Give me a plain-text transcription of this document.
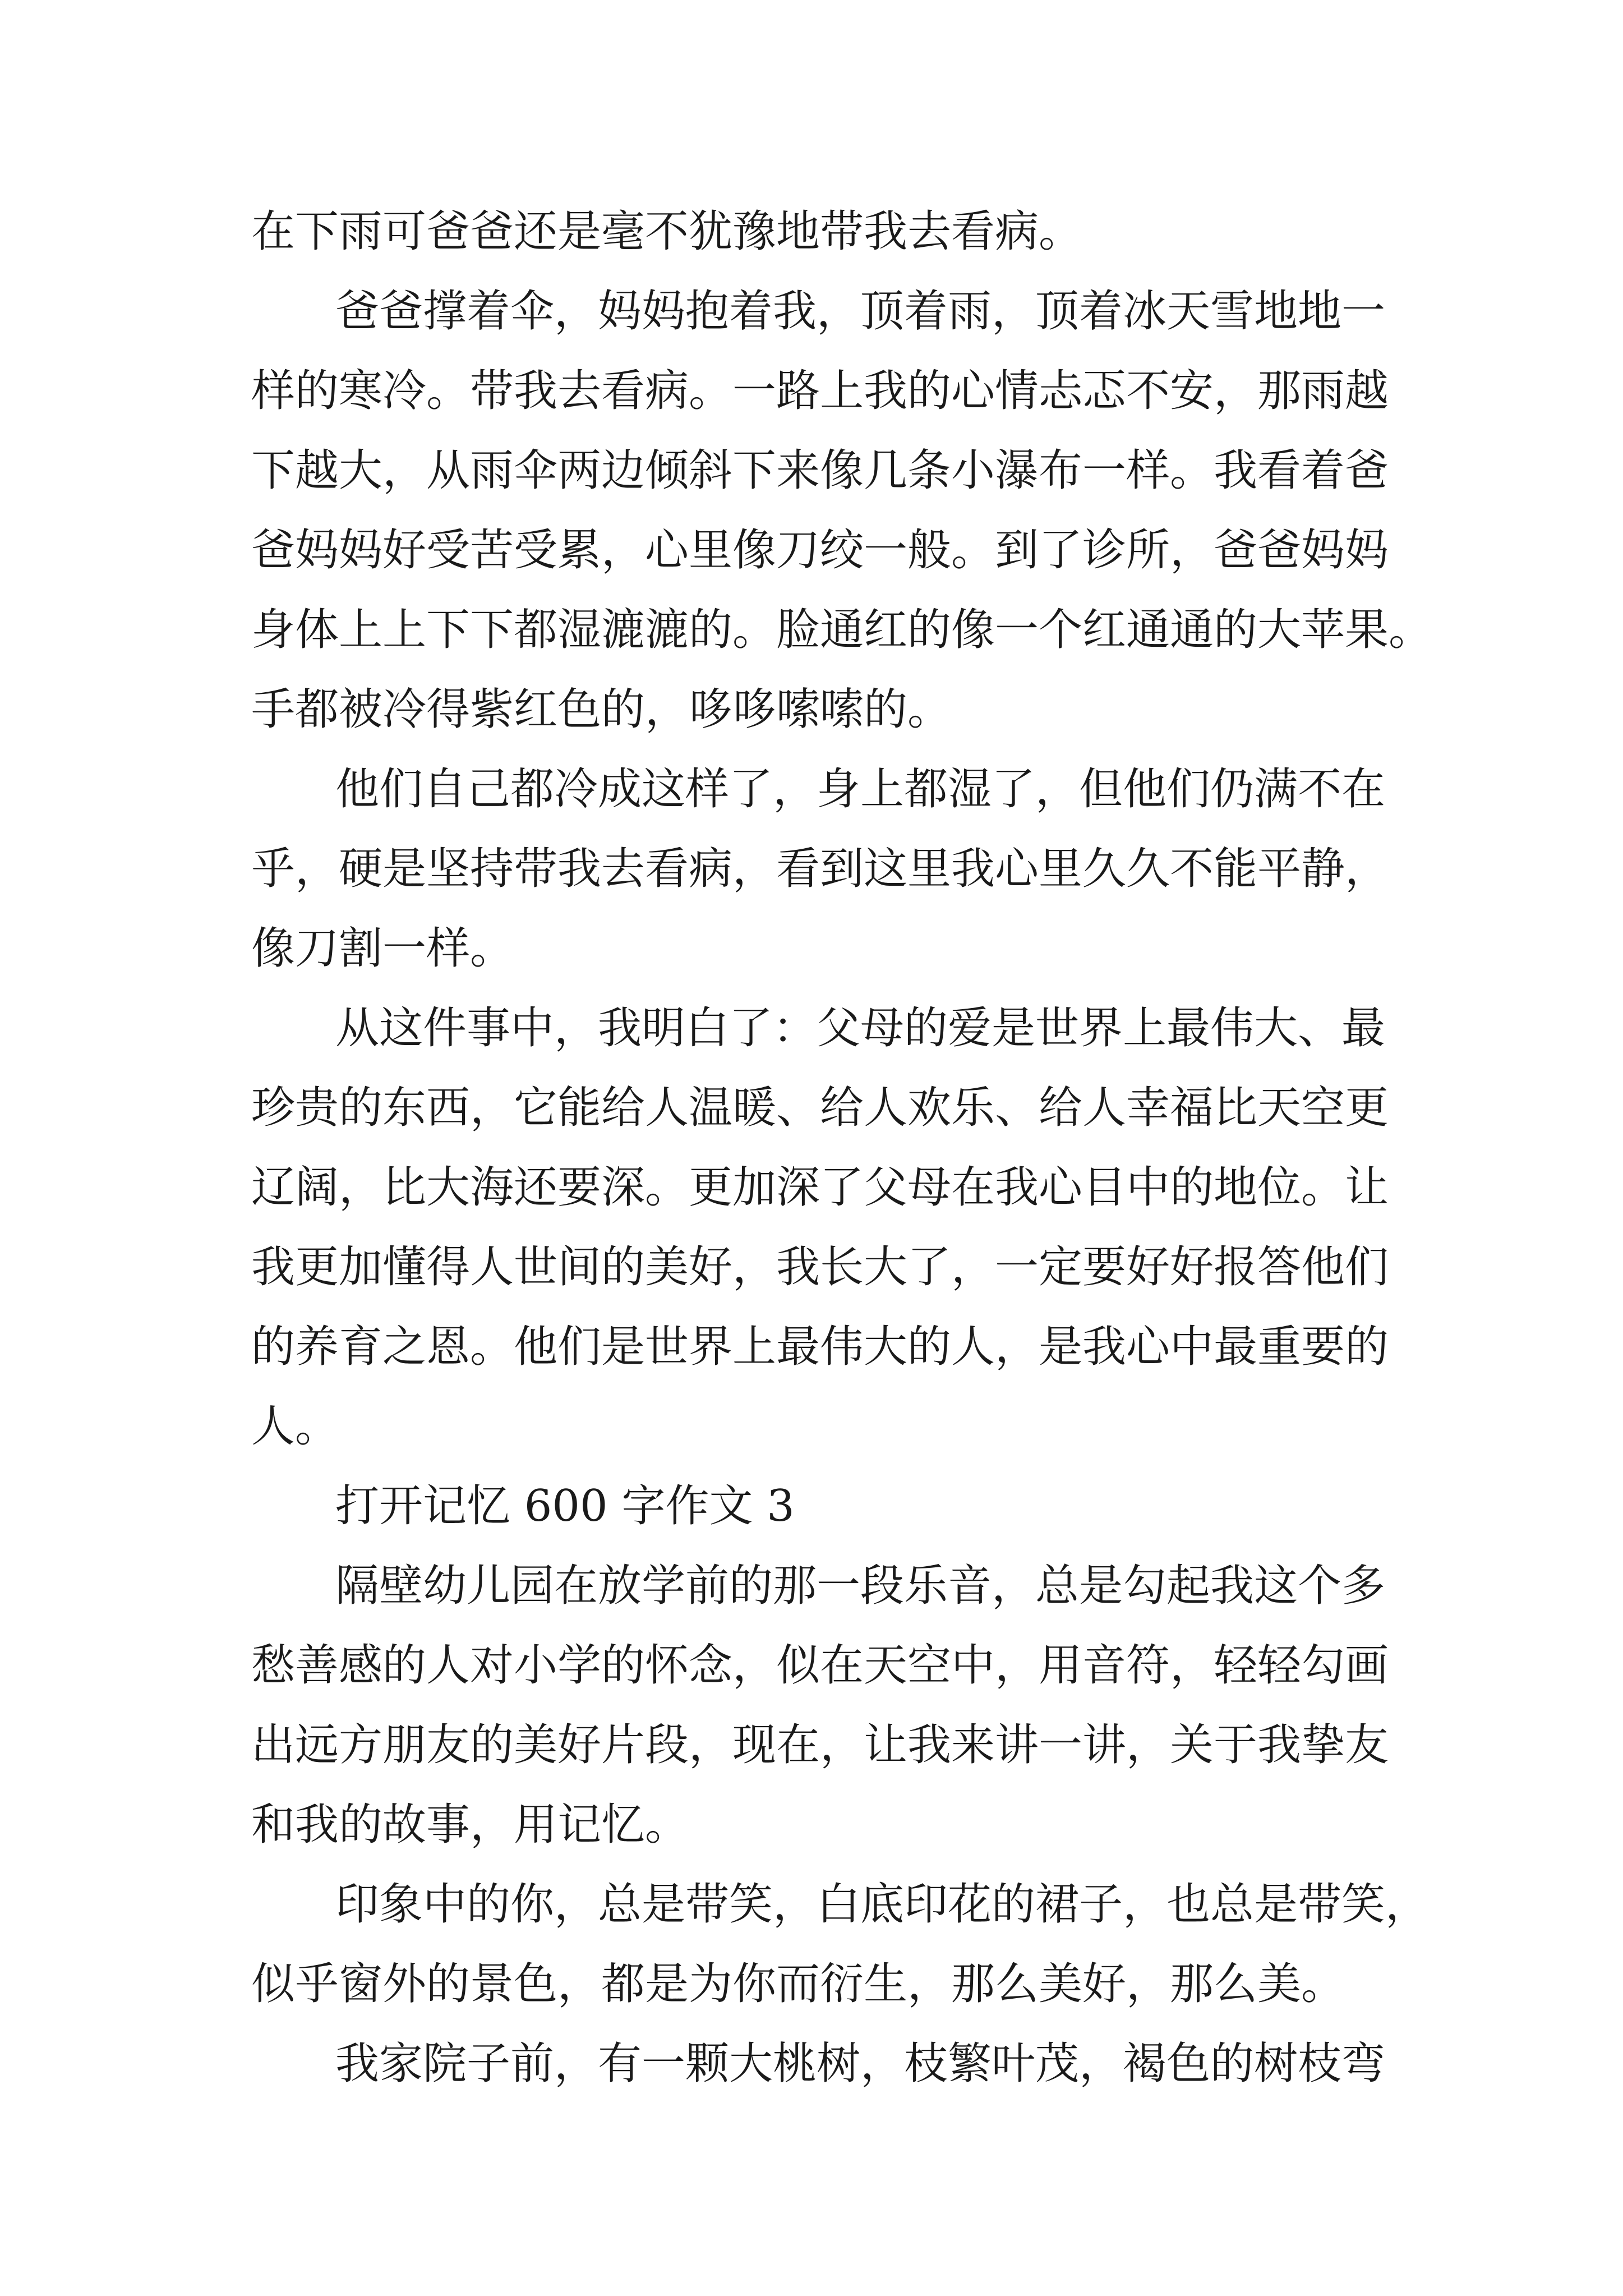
在下雨可爸爸还是毫不犹豫地带我去看病。
爸爸撑着伞，妈妈抱着我，顶着雨，顶着冰天雪地地一
样的寒冷。带我去看病。一路上我的心情忐忑不安，那雨越
下越大，从雨伞两边倾斜下来像几条小瀑布一样。我看着爸
爸妈妈好受苦受累，心里像刀绞一般。到了诊所，爸爸妈妈
身体上上下下都湿漉漉的。脸通红的像一个红通通的大苹果。
手都被冷得紫红色的，哆哆嗦嗦的。
他们自己都冷成这样了，身上都湿了，但他们仍满不在
乎，硬是坚持带我去看病，看到这里我心里久久不能平静，
像刀割一样。
从这件事中，我明白了：父母的爱是世界上最伟大、最
珍贵的东西，它能给人温暖、给人欢乐、给人幸福比天空更
辽阔，比大海还要深。更加深了父母在我心目中的地位。让
我更加懂得人世间的美好，我长大了，一定要好好报答他们
的养育之恩。他们是世界上最伟大的人，是我心中最重要的
人。
打开记忆 600 字作文 3
隔壁幼儿园在放学前的那一段乐音，总是勾起我这个多
愁善感的人对小学的怀念，似在天空中，用音符，轻轻勾画
出远方朋友的美好片段，现在，让我来讲一讲，关于我挚友
和我的故事，用记忆。
印象中的你，总是带笑，白底印花的裙子，也总是带笑，
似乎窗外的景色，都是为你而衍生，那么美好，那么美。
我家院子前，有一颗大桃树，枝繁叶茂，褐色的树枝弯
